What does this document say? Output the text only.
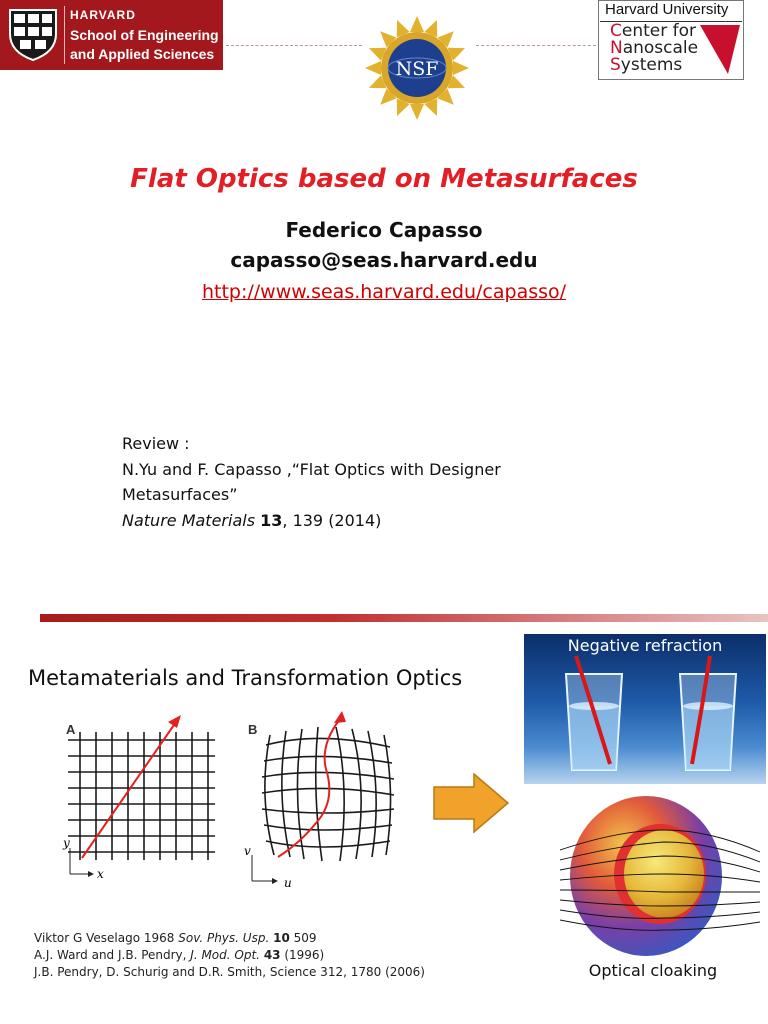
HARVARD
School of Engineering
and Applied Sciences
NSF
Harvard University
Center for
Nanoscale
Systems
Flat Optics based on Metasurfaces
Federico Capasso
capasso@seas.harvard.edu
http://www.seas.harvard.edu/capasso/
Review :
N.Yu and F. Capasso ,“Flat Optics with Designer
Metasurfaces”
Nature Materials 13, 139 (2014)
Metamaterials and Transformation Optics
A
y
x
B
v
u
Negative refraction
Optical cloaking
Viktor G Veselago 1968 Sov. Phys. Usp. 10 509
A.J. Ward and J.B. Pendry, J. Mod. Opt. 43 (1996)
J.B. Pendry, D. Schurig and D.R. Smith, Science 312, 1780 (2006)
